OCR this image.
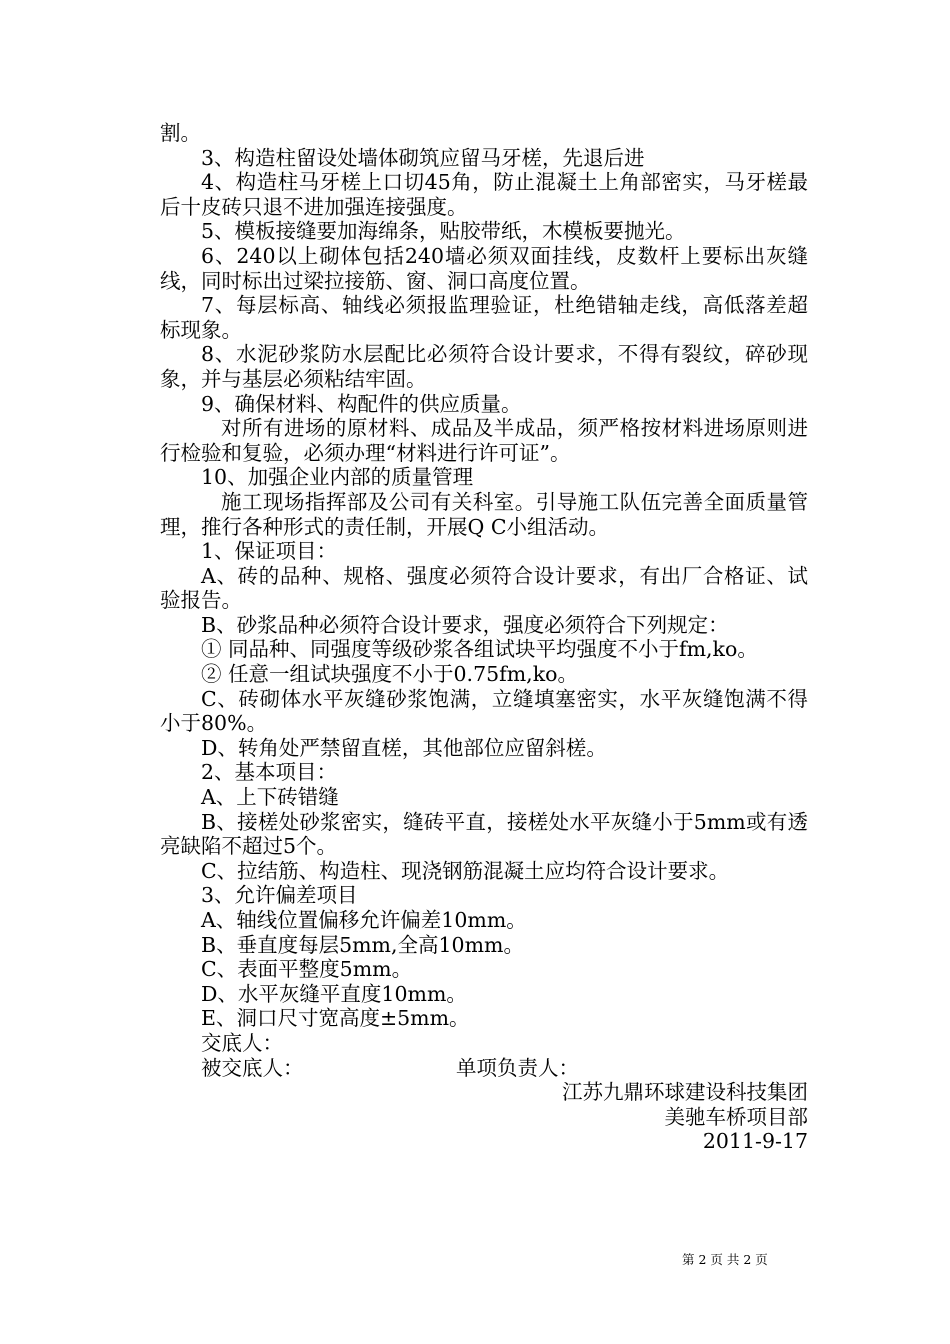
割。

3、构造柱留设处墙体砌筑应留马牙槎，先退后进

4、构造柱马牙槎上口切45角，防止混凝土上角部密实，马牙槎最后十皮砖只退不进加强连接强度。

5、模板接缝要加海绵条，贴胶带纸，木模板要抛光。

6、240以上砌体包括240墙必须双面挂线，皮数杆上要标出灰缝线，同时标出过梁拉接筋、窗、洞口高度位置。

7、每层标高、轴线必须报监理验证，杜绝错轴走线，高低落差超标现象。

8、水泥砂浆防水层配比必须符合设计要求，不得有裂纹，碎砂现象，并与基层必须粘结牢固。

9、确保材料、构配件的供应质量。

对所有进场的原材料、成品及半成品，须严格按材料进场原则进行检验和复验，必须办理“材料进行许可证”。

10、加强企业内部的质量管理

施工现场指挥部及公司有关科室。引导施工队伍完善全面质量管理，推行各种形式的责任制，开展Q C小组活动。

1、保证项目：

A、砖的品种、规格、强度必须符合设计要求，有出厂合格证、试验报告。

B、砂浆品种必须符合设计要求，强度必须符合下列规定：

① 同品种、同强度等级砂浆各组试块平均强度不小于fm,ko。

② 任意一组试块强度不小于0.75fm,ko。

C、砖砌体水平灰缝砂浆饱满，立缝填塞密实，水平灰缝饱满不得小于80%。

D、转角处严禁留直槎，其他部位应留斜槎。

2、基本项目：

A、上下砖错缝

B、接槎处砂浆密实，缝砖平直，接槎处水平灰缝小于5mm或有透亮缺陷不超过5个。

C、拉结筋、构造柱、现浇钢筋混凝土应均符合设计要求。

3、允许偏差项目

A、轴线位置偏移允许偏差10mm。

B、垂直度每层5mm,全高10mm。

C、表面平整度5mm。

D、水平灰缝平直度10mm。

E、洞口尺寸宽高度±5mm。

交底人：

被交底人：	单项负责人：

江苏九鼎环球建设科技集团

美驰车桥项目部

2011-9-17

第 2 页 共 2 页
